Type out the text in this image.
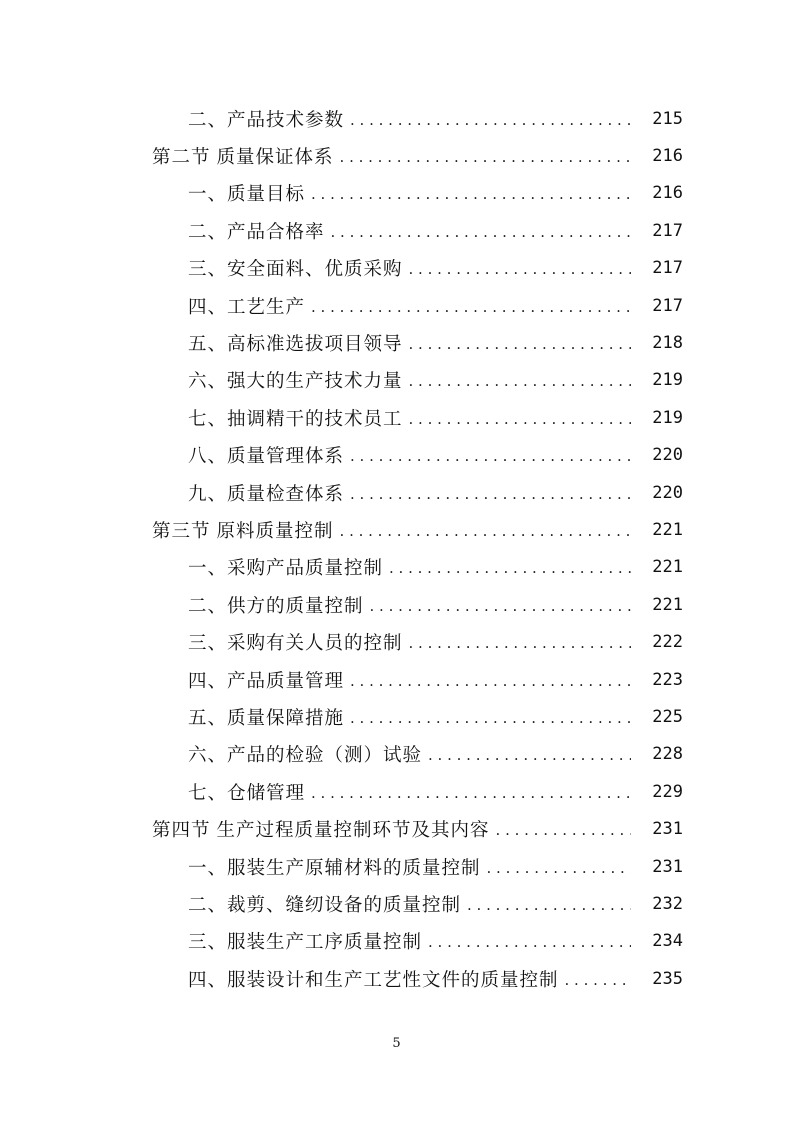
二、产品技术参数 . . .	215
第二节 质量保证体系 . . .	216
一、质量目标 . . .	216
二、产品合格率 . . .	217
三、安全面料、优质采购 . . .	217
四、工艺生产 . . .	217
五、高标准选拔项目领导 . . .	218
六、强大的生产技术力量 . . .	219
七、抽调精干的技术员工 . . .	219
八、质量管理体系 . . .	220
九、质量检查体系 . . .	220
第三节 原料质量控制 . . .	221
一、采购产品质量控制 . . .	221
二、供方的质量控制 . . .	221
三、采购有关人员的控制 . . .	222
四、产品质量管理 . . .	223
五、质量保障措施 . . .	225
六、产品的检验（测）试验 . . .	228
七、仓储管理 . . .	229
第四节 生产过程质量控制环节及其内容 . . .	231
一、服装生产原辅材料的质量控制 . . .	231
二、裁剪、缝纫设备的质量控制 . . .	232
三、服装生产工序质量控制 . . .	234
四、服装设计和生产工艺性文件的质量控制 . . .	235
5
